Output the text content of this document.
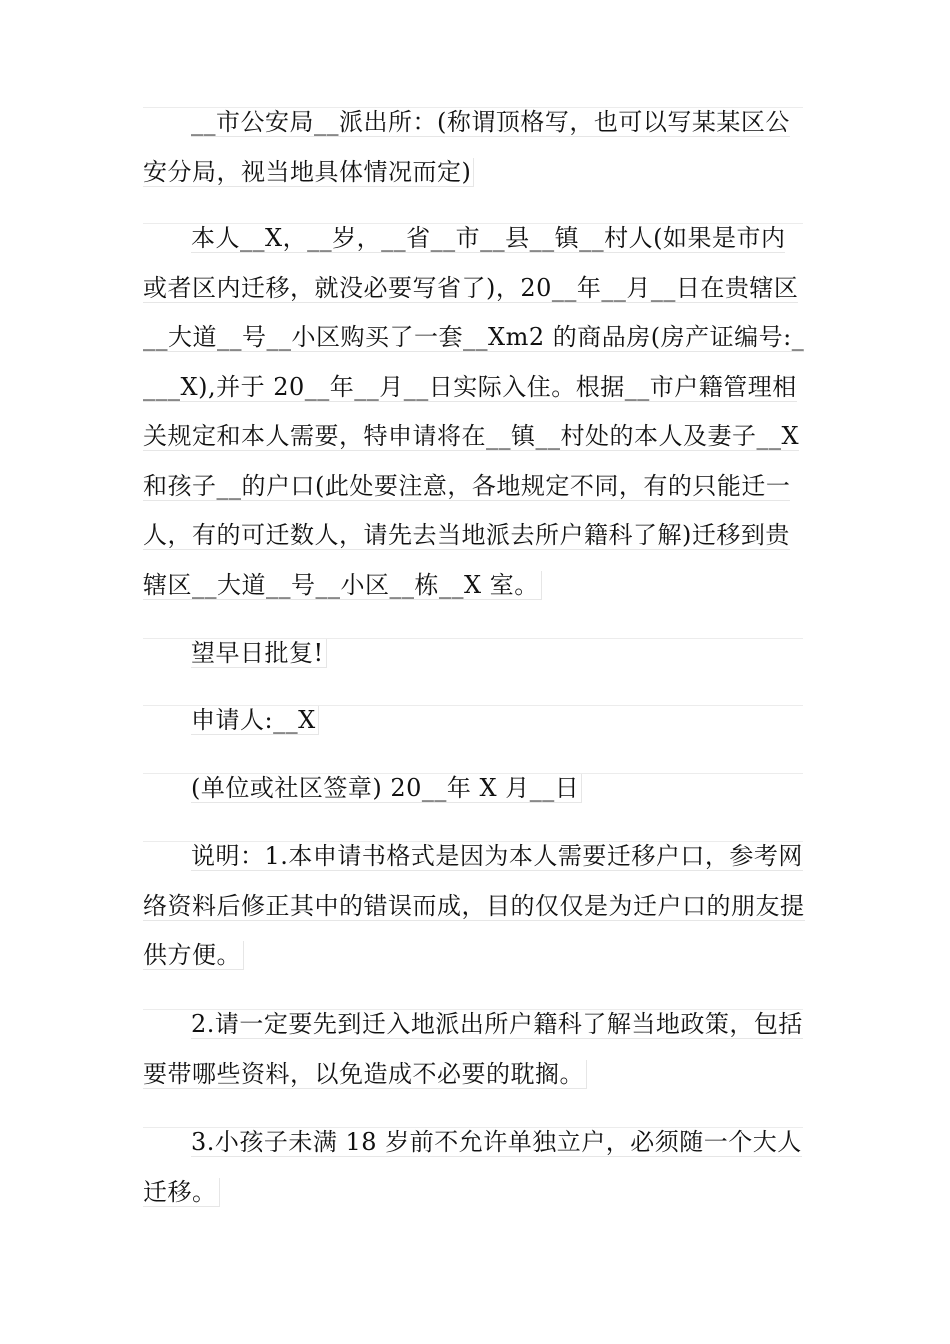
__市公安局__派出所：(称谓顶格写，也可以写某某区公安分局，视当地具体情况而定)

本人__X，__岁，__省__市__县__镇__村人(如果是市内或者区内迁移，就没必要写省了)，20__年__月__日在贵辖区__大道__号__小区购买了一套__Xm2 的商品房(房产证编号:____X),并于 20__年__月__日实际入住。根据__市户籍管理相关规定和本人需要，特申请将在__镇__村处的本人及妻子__X 和孩子__的户口(此处要注意，各地规定不同，有的只能迁一人，有的可迁数人，请先去当地派去所户籍科了解)迁移到贵辖区__大道__号__小区__栋__X 室。

望早日批复!

申请人:__X

(单位或社区签章) 20__年 X 月__日

说明：1.本申请书格式是因为本人需要迁移户口，参考网络资料后修正其中的错误而成，目的仅仅是为迁户口的朋友提供方便。

2.请一定要先到迁入地派出所户籍科了解当地政策，包括要带哪些资料，以免造成不必要的耽搁。

3.小孩子未满 18 岁前不允许单独立户，必须随一个大人迁移。
